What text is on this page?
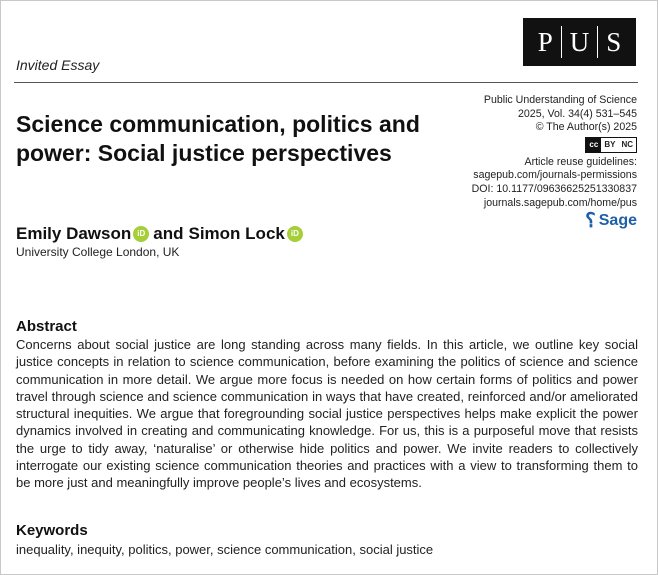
P U S
Invited Essay
Public Understanding of Science
2025, Vol. 34(4) 531–545
© The Author(s) 2025
cc BY NC
Article reuse guidelines:
sagepub.com/journals-permissions
DOI: 10.1177/09636625251330837
journals.sagepub.com/home/pus
⸮ Sage
Science communication, politics and power: Social justice perspectives
Emily Dawson iD and Simon Lock iD
University College London, UK
Abstract

Concerns about social justice are long standing across many fields. In this article, we outline key social justice concepts in relation to science communication, before examining the politics of science and science communication in more detail. We argue more focus is needed on how certain forms of politics and power travel through science and science communication in ways that have created, reinforced and/or ameliorated structural inequities. We argue that foregrounding social justice perspectives helps make explicit the power dynamics involved in creating and communicating knowledge. For us, this is a purposeful move that resists the urge to tidy away, ‘naturalise’ or otherwise hide politics and power. We invite readers to collectively interrogate our existing science communication theories and practices with a view to transforming them to be more just and meaningfully improve people’s lives and ecosystems.

Keywords
inequality, inequity, politics, power, science communication, social justice
